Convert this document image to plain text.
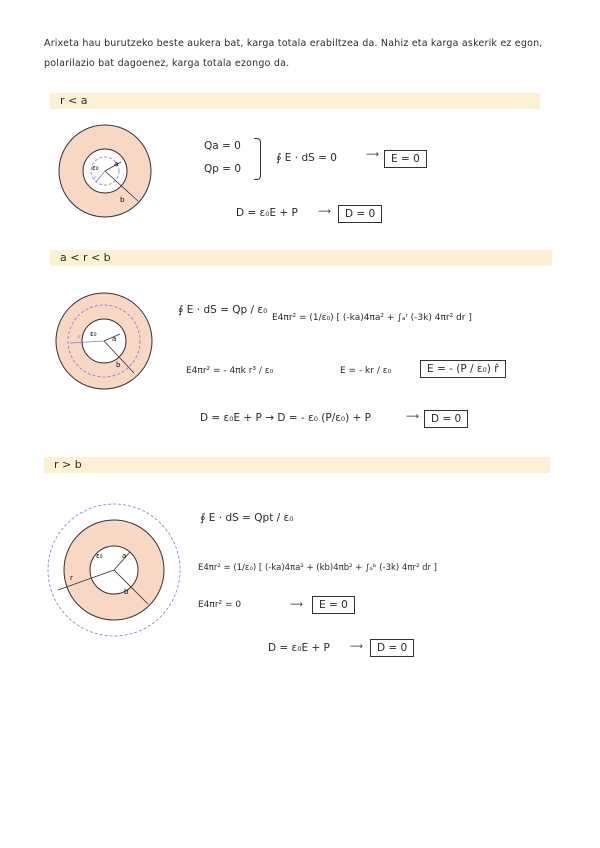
Arixeta hau burutzeko beste aukera bat, karga totala erabiltzea da. Nahiz eta karga askerik ez egon,
polarilazio bat dagoenez, karga totala ezongo da.
r < a
ε₀ a
b
r
Qa = 0
Qp = 0
∮ E · dS = 0	⟶	E = 0
D = ε₀E + P ⟶	D = 0
a < r < b
ε₀
a
b
r
∮ E · dS = Qp / ε₀
E4πr² = (1/ε₀) [ (-ka)4πa² + ∫ₐʳ (-3k) 4πr² dr ]
E4πr² = - 4πk r³ / ε₀	E = - kr / ε₀	E = - (P / ε₀) r̂
D = ε₀E + P → D = - ε₀ (P/ε₀) + P	⟶	D = 0
r > b
ε₀	a
b
r
∮ E · dS = Qpt / ε₀
E4πr² = (1/ε₀) [ (-ka)4πa² + (kb)4πb² + ∫ₐᵇ (-3k) 4πr² dr ]
E4πr² = 0	⟶	E = 0
D = ε₀E + P ⟶	D = 0
